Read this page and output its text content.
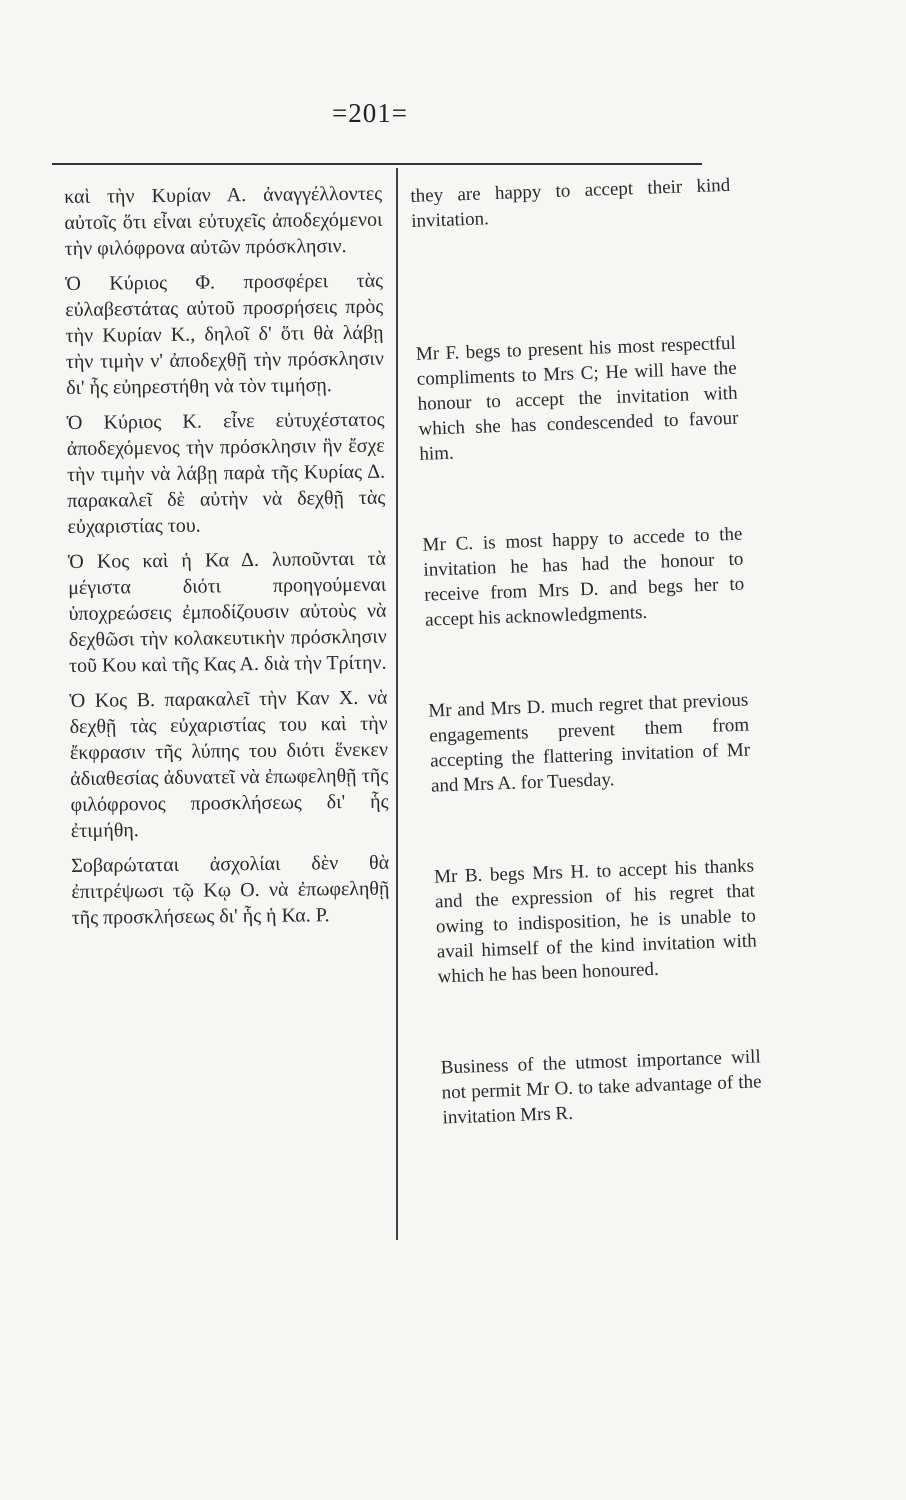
=201=

καὶ τὴν Κυρίαν Α. ἀναγγέλλοντες αὐτοῖς ὅτι εἶναι εὐτυχεῖς ἀποδεχόμενοι τὴν φιλόφρονα αὐτῶν πρόσκλησιν.

Ὁ Κύριος Φ. προσφέρει τὰς εὐλαβεστάτας αὐτοῦ προσρήσεις πρὸς τὴν Κυρίαν Κ., δηλοῖ δ' ὅτι θὰ λάβῃ τὴν τιμὴν ν' ἀποδεχθῇ τὴν πρόσκλησιν δι' ἧς εὐηρεστήθη νὰ τὸν τιμήσῃ.

Ὁ Κύριος Κ. εἶνε εὐτυχέστατος ἀποδεχόμενος τὴν πρόσκλησιν ἣν ἔσχε τὴν τιμὴν νὰ λάβῃ παρὰ τῆς Κυρίας Δ. παρακαλεῖ δὲ αὐτὴν νὰ δεχθῇ τὰς εὐχαριστίας του.

Ὁ Κος καὶ ἡ Κα Δ. λυποῦνται τὰ μέγιστα διότι προηγούμεναι ὑποχρεώσεις ἐμποδίζουσιν αὐτοὺς νὰ δεχθῶσι τὴν κολακευτικὴν πρόσκλησιν τοῦ Κου καὶ τῆς Κας Α. διὰ τὴν Τρίτην.

Ὁ Κος Β. παρακαλεῖ τὴν Καν Χ. νὰ δεχθῇ τὰς εὐχαριστίας του καὶ τὴν ἔκφρασιν τῆς λύπης του διότι ἕνεκεν ἀδιαθεσίας ἀδυνατεῖ νὰ ἐπωφεληθῇ τῆς φιλόφρονος προσκλήσεως δι' ἧς ἐτιμήθη.

Σοβαρώταται ἀσχολίαι δὲν θὰ ἐπιτρέψωσι τῷ Κῳ Ο. νὰ ἐπωφεληθῇ τῆς προσκλήσεως δι' ἧς ἡ Κα. Ρ.

they are happy to accept their kind invitation.

Mr F. begs to present his most respectful compliments to Mrs C; He will have the honour to accept the invitation with which she has condescended to favour him.

Mr C. is most happy to accede to the invitation he has had the honour to receive from Mrs D. and begs her to accept his acknowledgments.

Mr and Mrs D. much regret that previous engagements prevent them from accepting the flattering invitation of Mr and Mrs A. for Tuesday.

Mr B. begs Mrs H. to accept his thanks and the expression of his regret that owing to indisposition, he is unable to avail himself of the kind invitation with which he has been honoured.

Business of the utmost importance will not permit Mr O. to take advantage of the invitation Mrs R.
